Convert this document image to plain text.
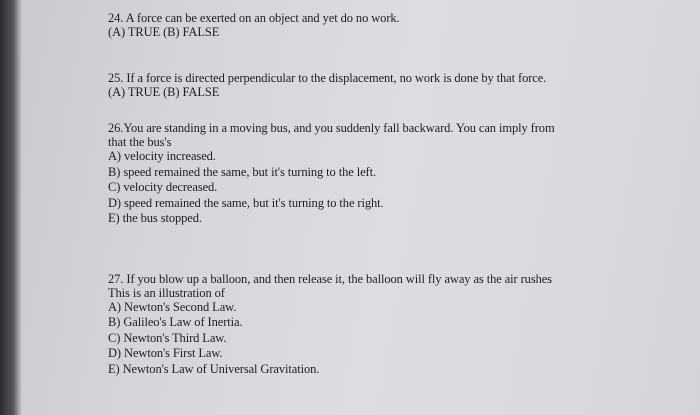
24. A force can be exerted on an object and yet do no work.
(A) TRUE (B) FALSE
25. If a force is directed perpendicular to the displacement, no work is done by that force.
(A) TRUE (B) FALSE
26.You are standing in a moving bus, and you suddenly fall backward. You can imply from
that the bus's
A) velocity increased.
B) speed remained the same, but it's turning to the left.
C) velocity decreased.
D) speed remained the same, but it's turning to the right.
E) the bus stopped.
27. If you blow up a balloon, and then release it, the balloon will fly away as the air rushes
This is an illustration of
A) Newton's Second Law.
B) Galileo's Law of Inertia.
C) Newton's Third Law.
D) Newton's First Law.
E) Newton's Law of Universal Gravitation.
